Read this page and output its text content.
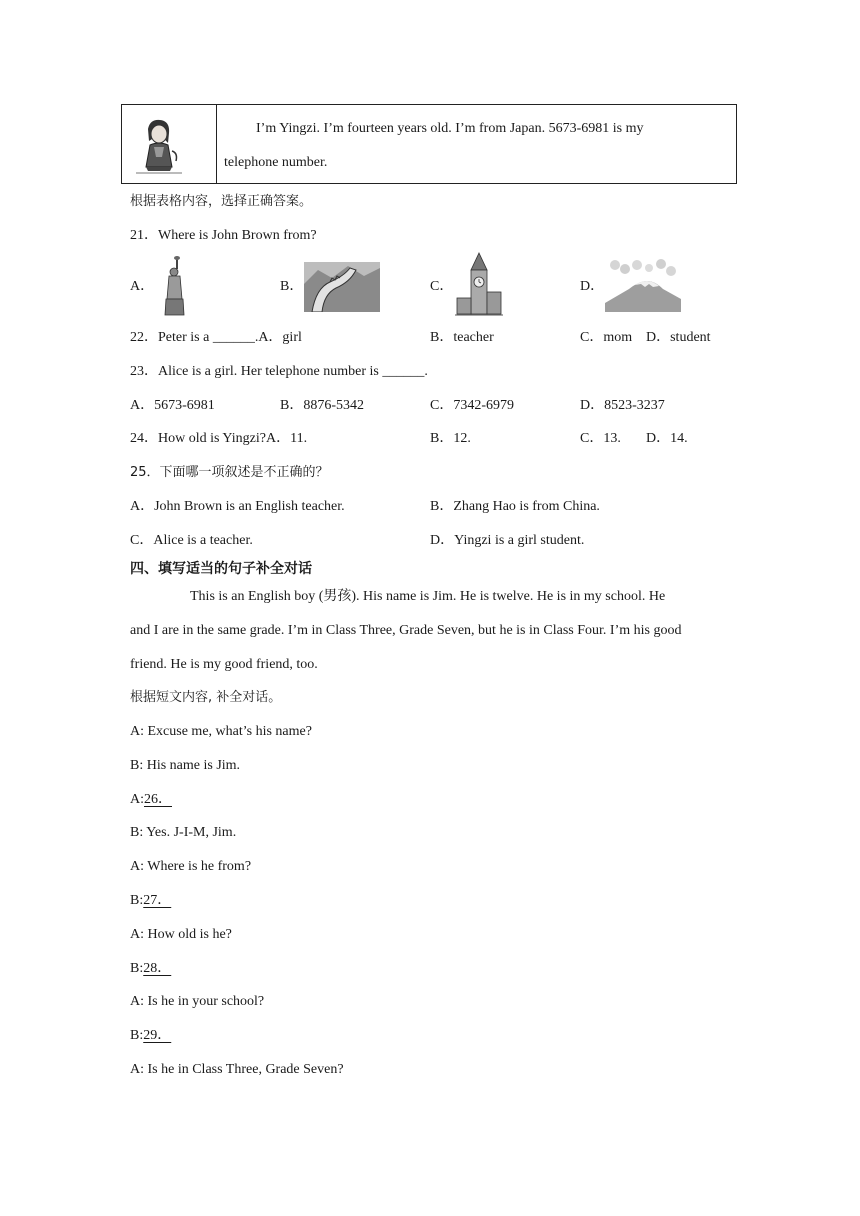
I’m Yingzi. I’m fourteen years old. I’m from Japan. 5673-6981 is my
telephone number.
根据表格内容，选择正确答案。
21．Where is John Brown from?
A．	B．	C．	D．
22．Peter is a ______.A．girl	B．teacher	C．mom D．student
23．Alice is a girl. Her telephone number is ______.
A．5673-6981	B．8876-5342	C．7342-6979	D．8523-3237
24．How old is Yingzi?A．11.	B．12.	C．13. D．14.
25．下面哪一项叙述是不正确的？
A．John Brown is an English teacher.	B．Zhang Hao is from China.
C．Alice is a teacher.	D．Yingzi is a girl student.
四、填写适当的句子补全对话
This is an English boy (男孩). His name is Jim. He is twelve. He is in my school. He
and I are in the same grade. I’m in Class Three, Grade Seven, but he is in Class Four. I’m his good
friend. He is my good friend, too.
根据短文内容, 补全对话。
A: Excuse me, what’s his name?
B: His name is Jim.
A:26．
B: Yes. J-I-M, Jim.
A: Where is he from?
B:27．
A: How old is he?
B:28．
A: Is he in your school?
B:29．
A: Is he in Class Three, Grade Seven?
